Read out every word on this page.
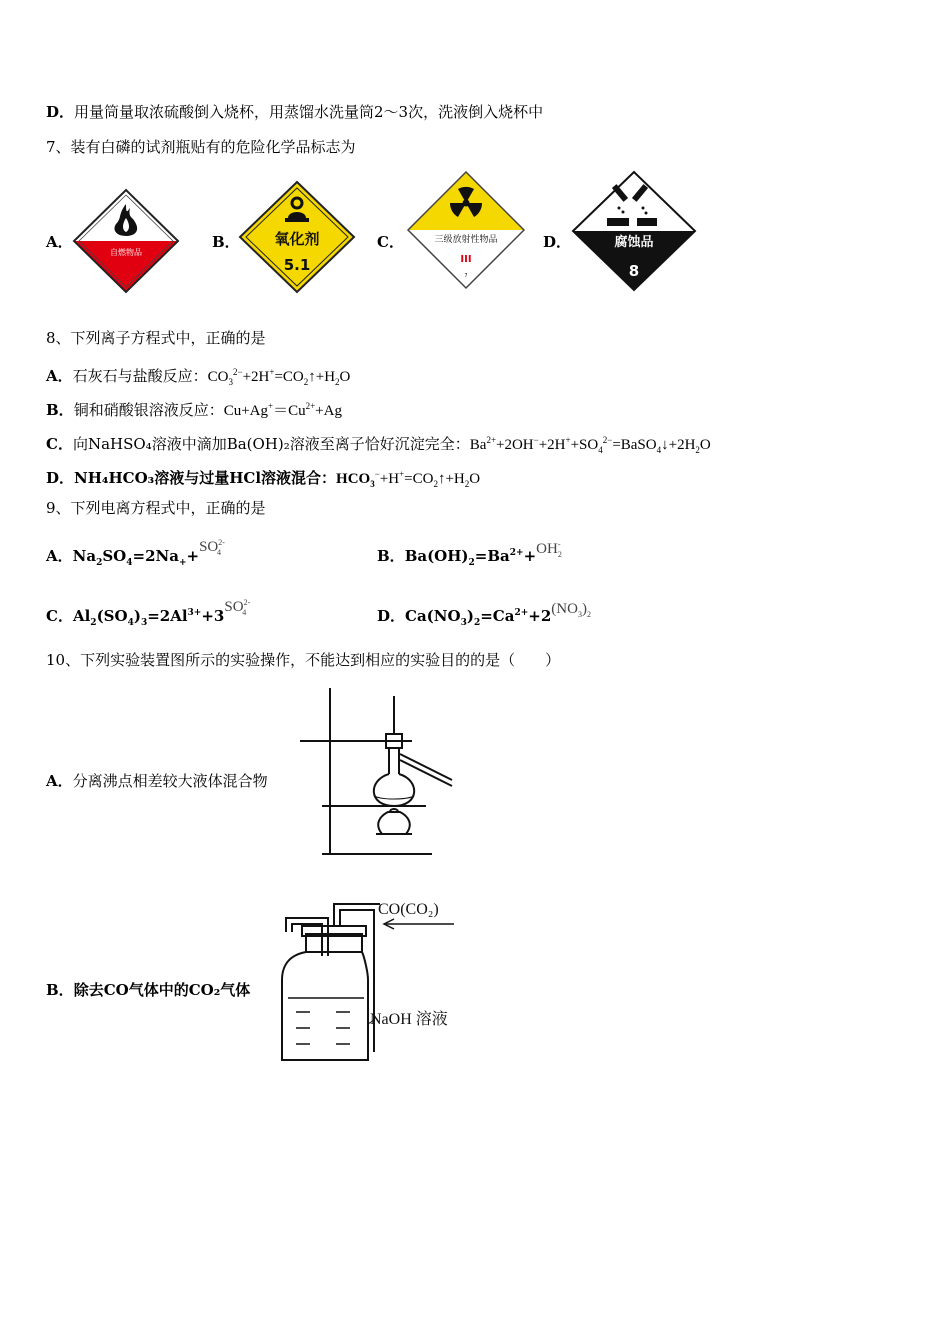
D．用量筒量取浓硫酸倒入烧杯，用蒸馏水洗量筒2～3次，洗液倒入烧杯中
7、装有白磷的试剂瓶贴有的危险化学品标志为
A．
自燃物品
B． 氧化剂
5.1
C．	三级放射性物品
III
7
D．	腐蚀品
8
8、下列离子方程式中，正确的是
A．石灰石与盐酸反应：$CO_3^{2-}+2H^+=CO_2↑+H_2O$
B．铜和硝酸银溶液反应：$Cu+Ag^+=Cu^{2+}+Ag$
C．向NaHSO₄溶液中滴加Ba(OH)₂溶液至离子恰好沉淀完全：$Ba^{2+}+2OH^-+2H^++SO_4^{2-}=BaSO_4↓+2H_2O$
D．NH₄HCO₃溶液与过量HCl溶液混合：$HCO_3^-+H^+=CO_2↑+H_2O$
9、下列电离方程式中，正确的是
A．$Na_2SO_4=2Na_++SO^{2-}_4$	B．$Ba(OH)_2=Ba^{2+}+OH_2^-$
C．$Al_2(SO_4)_3=2Al^{3+}+3SO^{2-}_4$	D．$Ca(NO_3)_2=Ca^{2+}+2(NO_3)_2$
10、下列实验装置图所示的实验操作，不能达到相应的实验目的的是（　　）
A．分离沸点相差较大液体混合物
B．除去CO气体中的CO₂气体
CO(CO₂)
NaOH 溶液
